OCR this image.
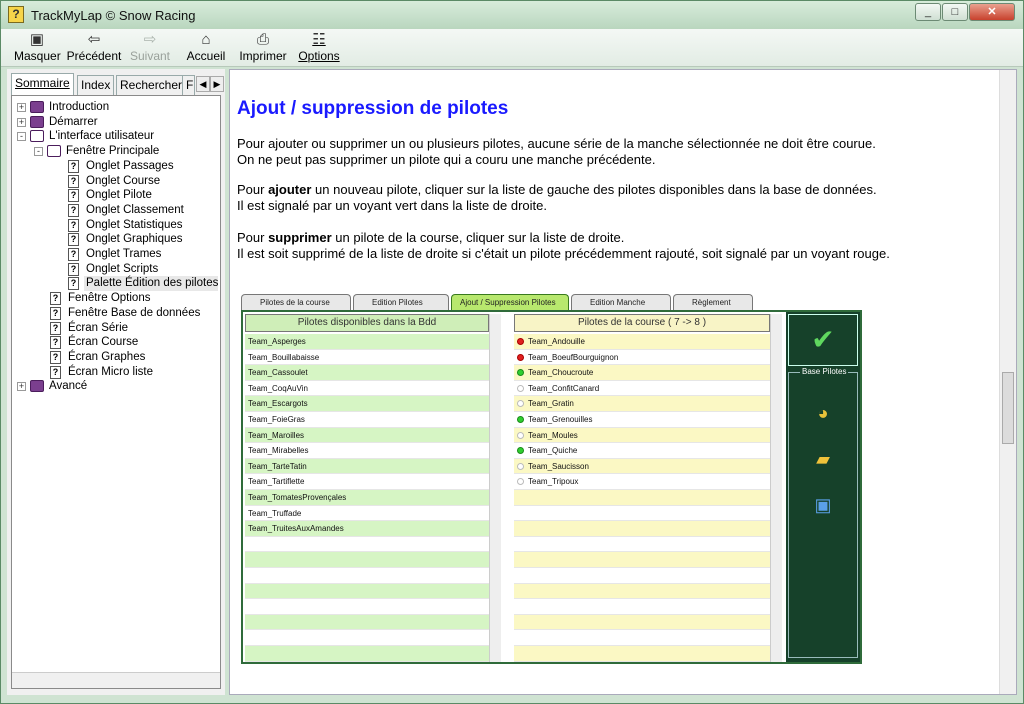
? TrackMyLap © Snow Racing	_	□	✕
▣
Masquer
⇦
Précédent
⇨
Suivant
⌂
Accueil
⎙
Imprimer
☷
Options
Sommaire Index Rechercher F ◀ ▶
+ Introduction
+ Démarrer
- L'interface utilisateur
- Fenêtre Principale
? Onglet Passages
? Onglet Course
? Onglet Pilote
? Onglet Classement
? Onglet Statistiques
? Onglet Graphiques
? Onglet Trames
? Onglet Scripts
? Palette Édition des pilotes
? Fenêtre Options
? Fenêtre Base de données
? Écran Série
? Écran Course
? Écran Graphes
? Écran Micro liste
+ Avancé
Ajout / suppression de pilotes
Pour ajouter ou supprimer un ou plusieurs pilotes, aucune série de la manche sélectionnée ne doit être courue.
On ne peut pas supprimer un pilote qui a couru une manche précédente.
Pour ajouter un nouveau pilote, cliquer sur la liste de gauche des pilotes disponibles dans la base de données.
Il est signalé par un voyant vert dans la liste de droite.
Pour supprimer un pilote de la course, cliquer sur la liste de droite.
Il est soit supprimé de la liste de droite si c'était un pilote précédemment rajouté, soit signalé par un voyant rouge.
Pilotes de la course	Edition Pilotes	Ajout / Suppression Pilotes	Edition Manche	Règlement
Pilotes disponibles dans la Bdd
Team_Asperges
Team_Bouillabaisse
Team_Cassoulet
Team_CoqAuVin
Team_Escargots
Team_FoieGras
Team_Maroilles
Team_Mirabelles
Team_TarteTatin
Team_Tartiflette
Team_TomatesProvençales
Team_Truffade
Team_TruitesAuxAmandes
Pilotes de la course ( 7 -> 8 )
Team_Andouille
Team_BoeufBourguignon
Team_Choucroute
Team_ConfitCanard
Team_Gratin
Team_Grenouilles
Team_Moules
Team_Quiche
Team_Saucisson
Team_Tripoux
✔
Base Pilotes
◕
▰
▣
